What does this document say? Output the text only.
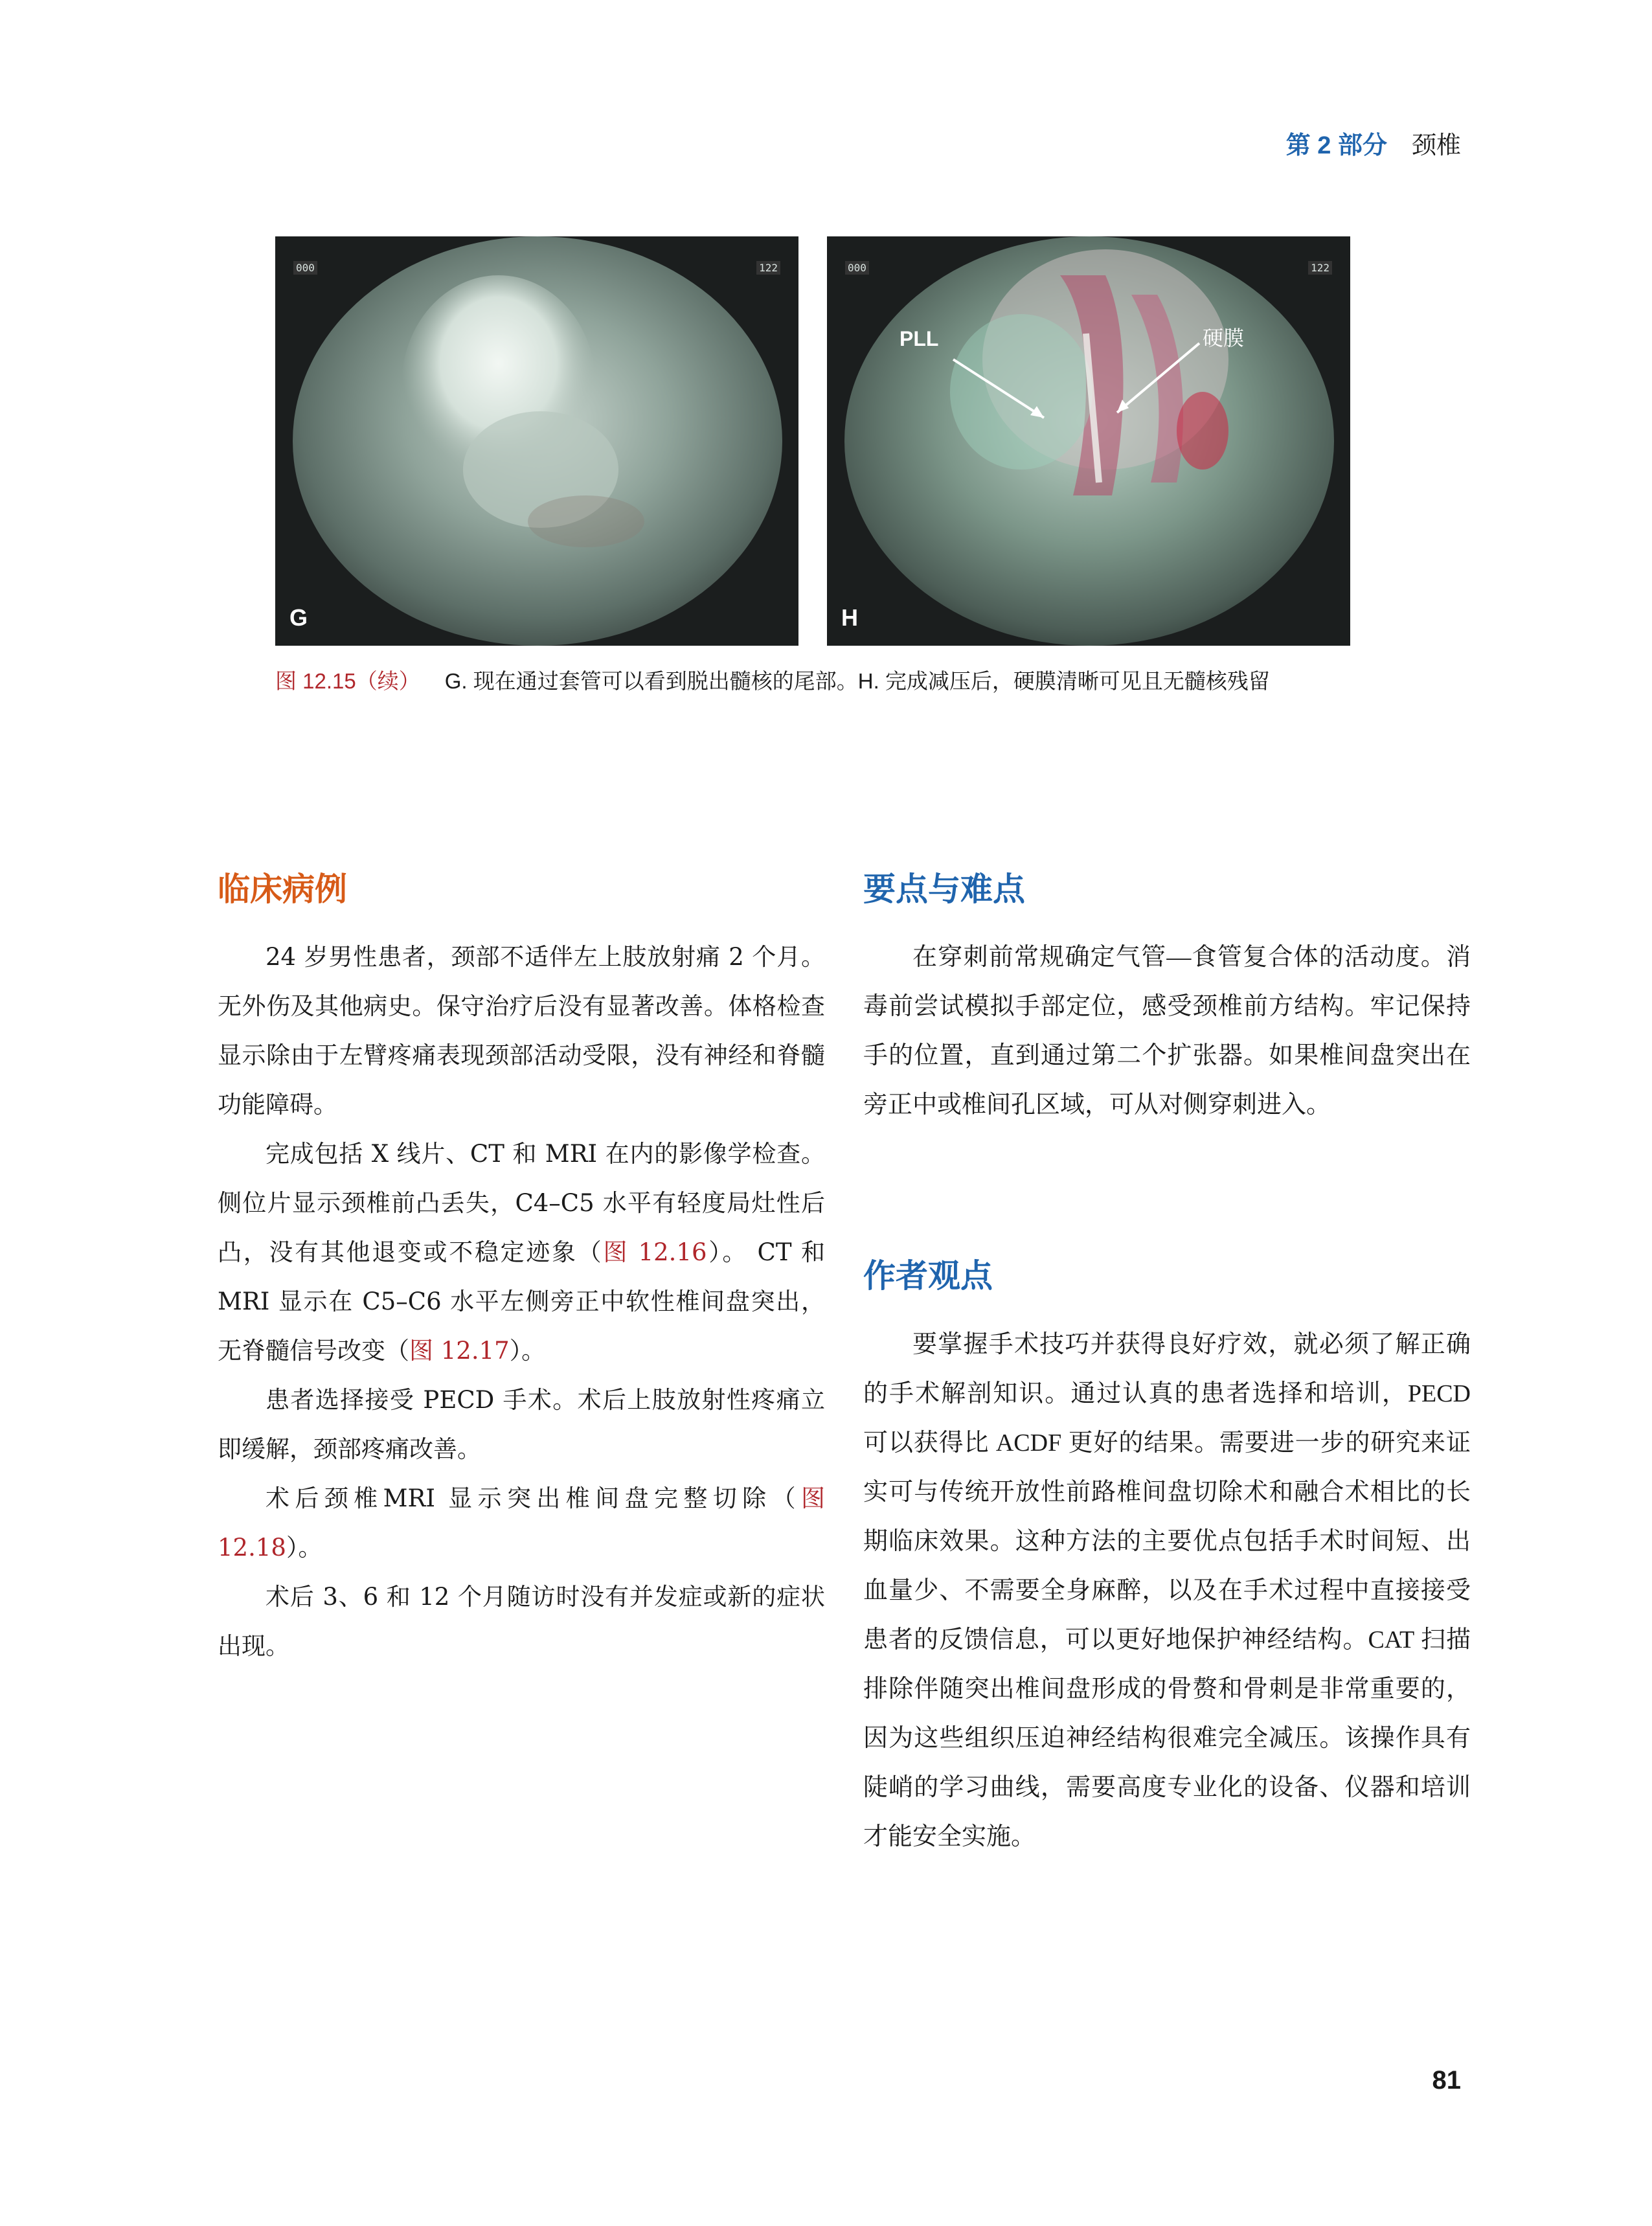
第 2 部分 颈椎
000	122
G
000	122
PLL	硬膜
H
图 12.15（续） G. 现在通过套管可以看到脱出髓核的尾部。H. 完成减压后，硬膜清晰可见且无髓核残留
临床病例

24 岁男性患者，颈部不适伴左上肢放射痛 2 个月。无外伤及其他病史。保守治疗后没有显著改善。体格检查显示除由于左臂疼痛表现颈部活动受限，没有神经和脊髓功能障碍。

完成包括 X 线片、CT 和 MRI 在内的影像学检查。侧位片显示颈椎前凸丢失，C4–C5 水平有轻度局灶性后凸，没有其他退变或不稳定迹象（图 12.16）。 CT 和 MRI 显示在 C5–C6 水平左侧旁正中软性椎间盘突出，无脊髓信号改变（图 12.17）。

患者选择接受 PECD 手术。术后上肢放射性疼痛立即缓解，颈部疼痛改善。

术后颈椎MRI 显示突出椎间盘完整切除（图 12.18）。

术后 3、6 和 12 个月随访时没有并发症或新的症状出现。

要点与难点

在穿刺前常规确定气管—食管复合体的活动度。消毒前尝试模拟手部定位，感受颈椎前方结构。牢记保持手的位置，直到通过第二个扩张器。如果椎间盘突出在旁正中或椎间孔区域，可从对侧穿刺进入。

作者观点

要掌握手术技巧并获得良好疗效，就必须了解正确的手术解剖知识。通过认真的患者选择和培训，PECD 可以获得比 ACDF 更好的结果。需要进一步的研究来证实可与传统开放性前路椎间盘切除术和融合术相比的长期临床效果。这种方法的主要优点包括手术时间短、出血量少、不需要全身麻醉，以及在手术过程中直接接受患者的反馈信息，可以更好地保护神经结构。CAT 扫描排除伴随突出椎间盘形成的骨赘和骨刺是非常重要的，因为这些组织压迫神经结构很难完全减压。该操作具有陡峭的学习曲线，需要高度专业化的设备、仪器和培训才能安全实施。

81
